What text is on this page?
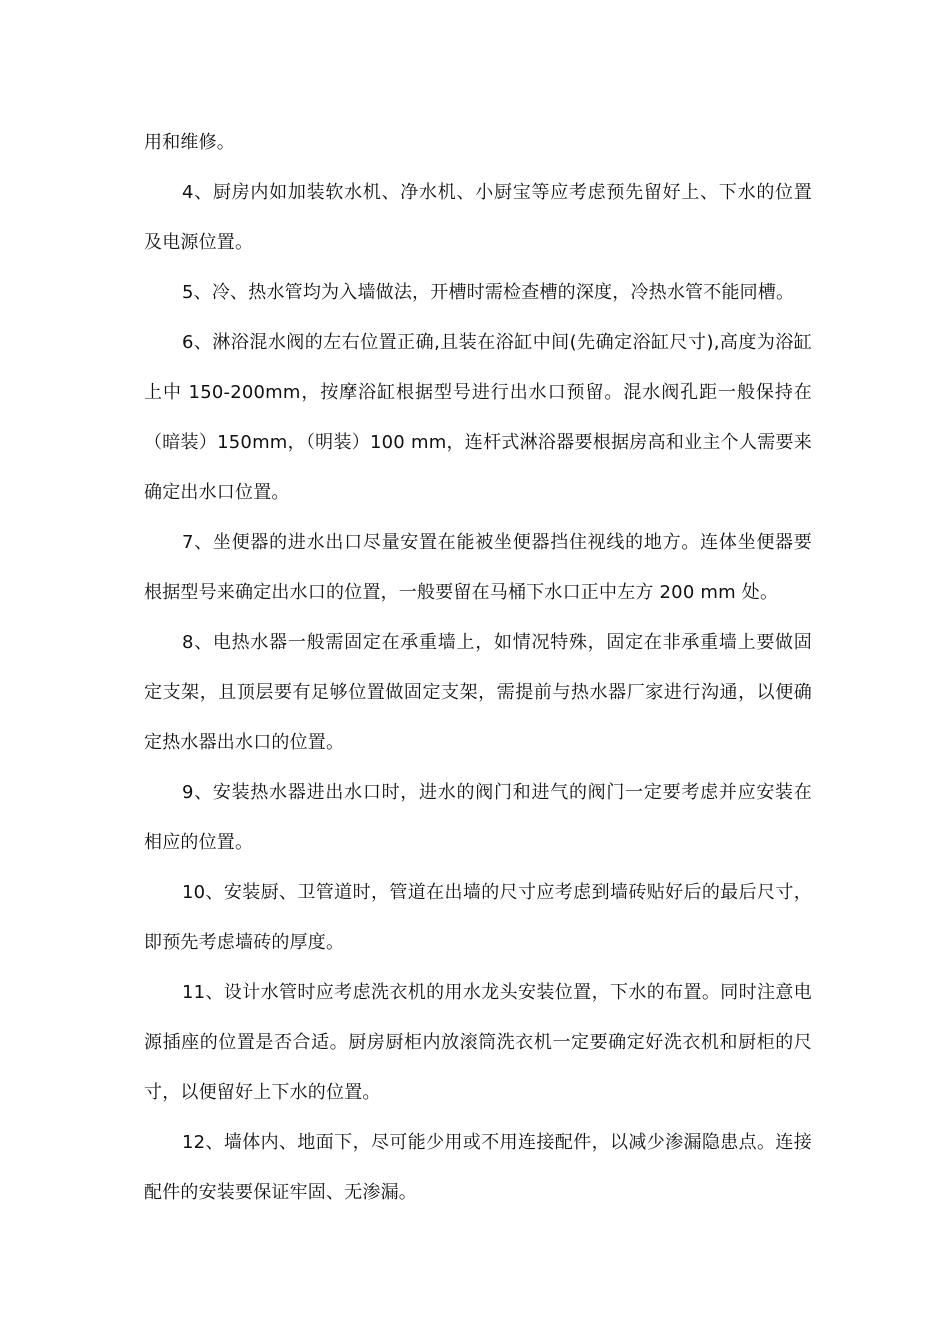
用和维修。

4、厨房内如加装软水机、净水机、小厨宝等应考虑预先留好上、下水的位置及电源位置。

5、冷、热水管均为入墙做法，开槽时需检查槽的深度，冷热水管不能同槽。

6、淋浴混水阀的左右位置正确,且装在浴缸中间(先确定浴缸尺寸),高度为浴缸上中 150-200mm，按摩浴缸根据型号进行出水口预留。混水阀孔距一般保持在（暗装）150mm，（明装）100 mm，连杆式淋浴器要根据房高和业主个人需要来确定出水口位置。

7、坐便器的进水出口尽量安置在能被坐便器挡住视线的地方。连体坐便器要根据型号来确定出水口的位置，一般要留在马桶下水口正中左方 200 mm 处。

8、电热水器一般需固定在承重墙上，如情况特殊，固定在非承重墙上要做固定支架，且顶层要有足够位置做固定支架，需提前与热水器厂家进行沟通，以便确定热水器出水口的位置。

9、安装热水器进出水口时，进水的阀门和进气的阀门一定要考虑并应安装在相应的位置。

10、安装厨、卫管道时，管道在出墙的尺寸应考虑到墙砖贴好后的最后尺寸，即预先考虑墙砖的厚度。

11、设计水管时应考虑洗衣机的用水龙头安装位置，下水的布置。同时注意电源插座的位置是否合适。厨房厨柜内放滚筒洗衣机一定要确定好洗衣机和厨柜的尺寸，以便留好上下水的位置。

12、墙体内、地面下，尽可能少用或不用连接配件，以减少渗漏隐患点。连接配件的安装要保证牢固、无渗漏。
